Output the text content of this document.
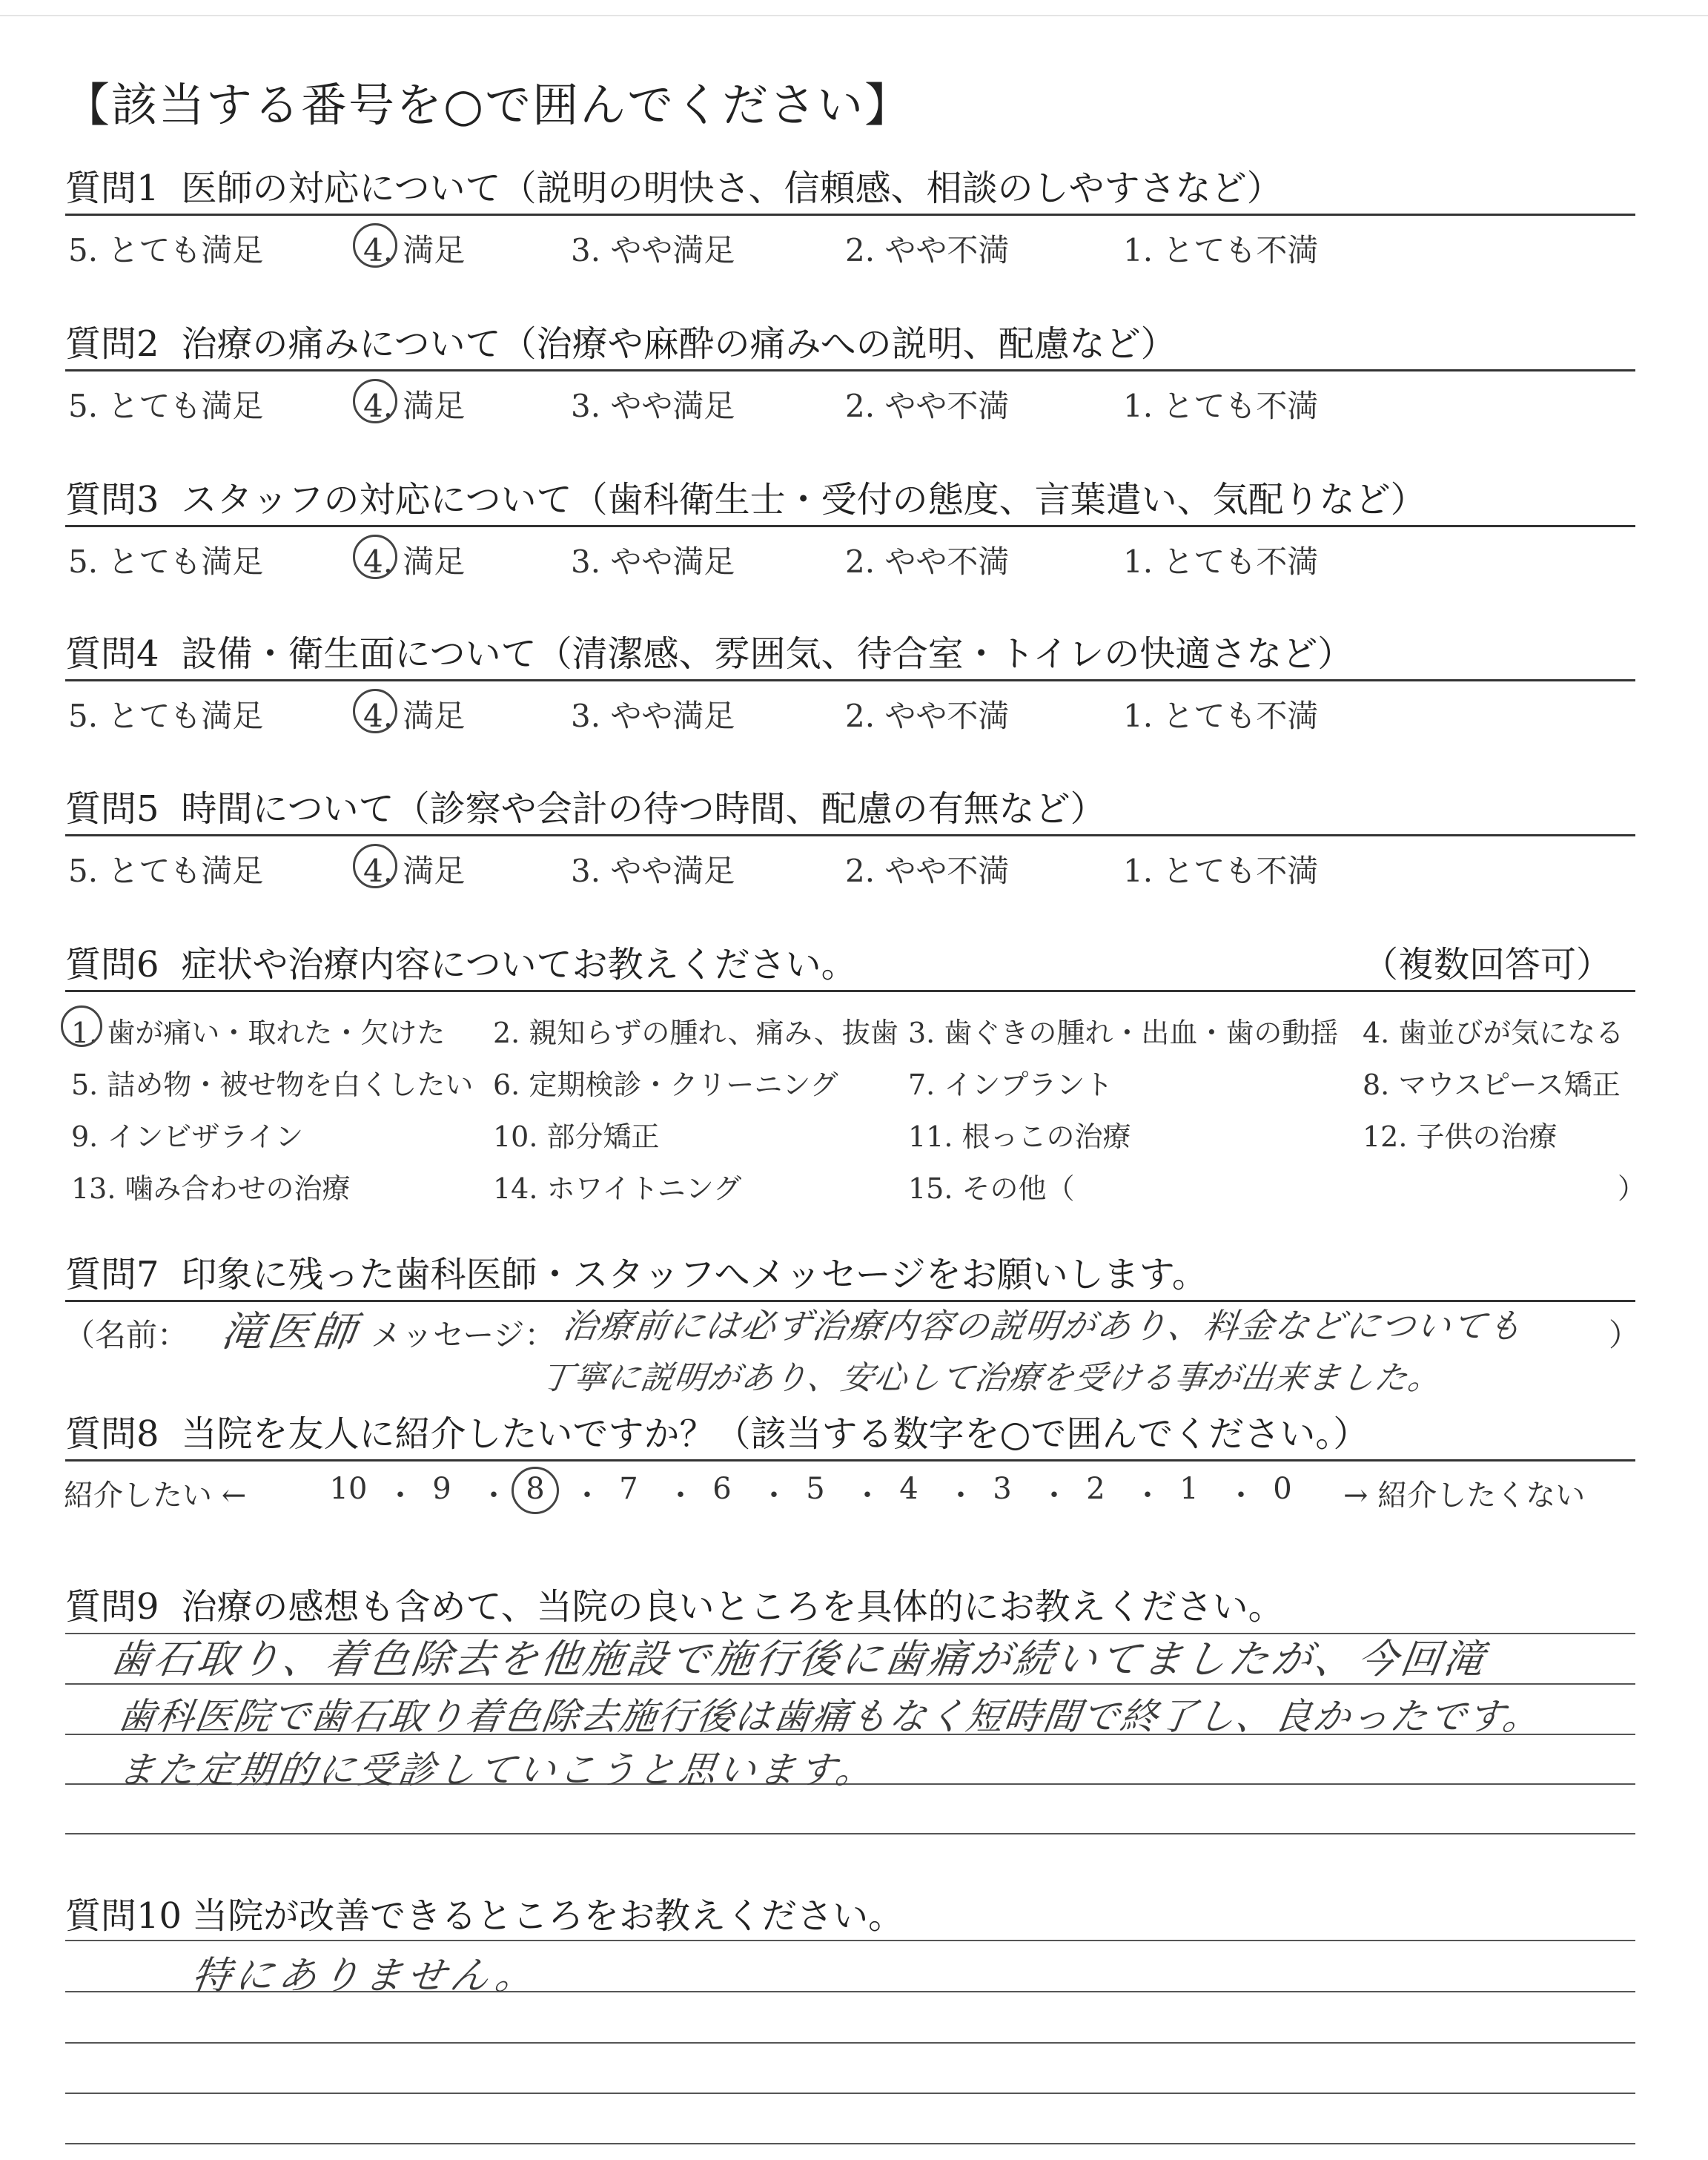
【該当する番号を○で囲んでください】
質問1 医師の対応について（説明の明快さ、信頼感、相談のしやすさなど）
5. とても満足	4. 満足	3. やや満足	2. やや不満	1. とても不満
質問2 治療の痛みについて（治療や麻酔の痛みへの説明、配慮など）
5. とても満足	4. 満足	3. やや満足	2. やや不満	1. とても不満
質問3 スタッフの対応について（歯科衛生士・受付の態度、言葉遣い、気配りなど）
5. とても満足	4. 満足	3. やや満足	2. やや不満	1. とても不満
質問4 設備・衛生面について（清潔感、雰囲気、待合室・トイレの快適さなど）
5. とても満足	4. 満足	3. やや満足	2. やや不満	1. とても不満
質問5 時間について（診察や会計の待つ時間、配慮の有無など）
5. とても満足	4. 満足	3. やや満足	2. やや不満	1. とても不満
質問6 症状や治療内容についてお教えください。	（複数回答可）
1. 歯が痛い・取れた・欠けた 2. 親知らずの腫れ、痛み、抜歯 3. 歯ぐきの腫れ・出血・歯の動揺 4. 歯並びが気になる
5. 詰め物・被せ物を白くしたい 6. 定期検診・クリーニング 7. インプラント	8. マウスピース矯正
9. インビザライン	10. 部分矯正	11. 根っこの治療	12. 子供の治療
13. 噛み合わせの治療	14. ホワイトニング	15. その他（	）
質問7 印象に残った歯科医師・スタッフへメッセージをお願いします。
（名前： 滝医師 メッセージ： 治療前には必ず治療内容の説明があり、料金などについても
丁寧に説明があり、安心して治療を受ける事が出来ました。
）
質問8 当院を友人に紹介したいですか？（該当する数字を○で囲んでください。）
紹介したい ←	10 ・ 9 ・ 8 ・ 7 ・ 6 ・ 5 ・ 4 ・ 3 ・ 2 ・ 1 ・ 0	→ 紹介したくない
質問9 治療の感想も含めて、当院の良いところを具体的にお教えください。
歯石取り、着色除去を他施設で施行後に歯痛が続いてましたが、今回滝
歯科医院で歯石取り着色除去施行後は歯痛もなく短時間で終了し、良かったです。
また定期的に受診していこうと思います。
質問10 当院が改善できるところをお教えください。
特にありません。
